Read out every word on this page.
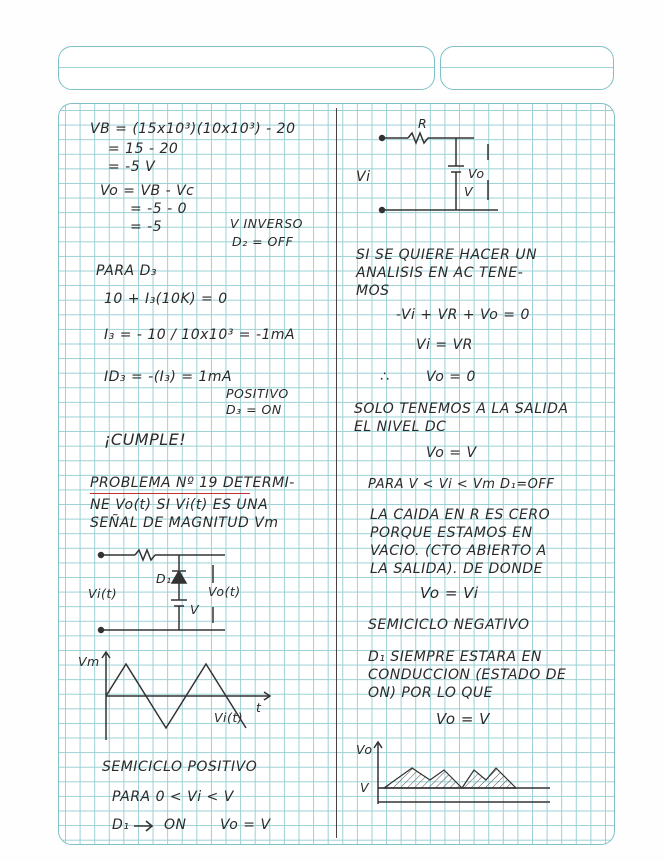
VB = (15x10³)(10x10³) - 20
= 15 - 20
= -5 V
Vo = VB - Vc
= -5 - 0
= -5	V INVERSO
D₂ = OFF
PARA D₃
10 + I₃(10K) = 0
I₃ = - 10 / 10x10³ = -1mA
ID₃ = -(I₃) = 1mA
POSITIVO
D₃ = ON
¡CUMPLE!
PROBLEMA Nº 19 DETERMI-
NE Vo(t) SI Vi(t) ES UNA
SEÑAL DE MAGNITUD Vm
D₁
Vi(t)	Vo(t)
V
Vm
t
Vi(t)
SEMICICLO POSITIVO
PARA 0 < Vi < V
D₁ ON Vo = V
R
Vi	Vo
V
SI SE QUIERE HACER UN
ANALISIS EN AC TENE-
MOS
-Vi + VR + Vo = 0
Vi = VR
∴	Vo = 0
SOLO TENEMOS A LA SALIDA
EL NIVEL DC
Vo = V
PARA V < Vi < Vm D₁=OFF
LA CAIDA EN R ES CERO
PORQUE ESTAMOS EN
VACIO. (CTO ABIERTO A
LA SALIDA). DE DONDE
Vo = Vi
SEMICICLO NEGATIVO
D₁ SIEMPRE ESTARA EN
CONDUCCION (ESTADO DE
ON) POR LO QUE
Vo = V
Vo
V
